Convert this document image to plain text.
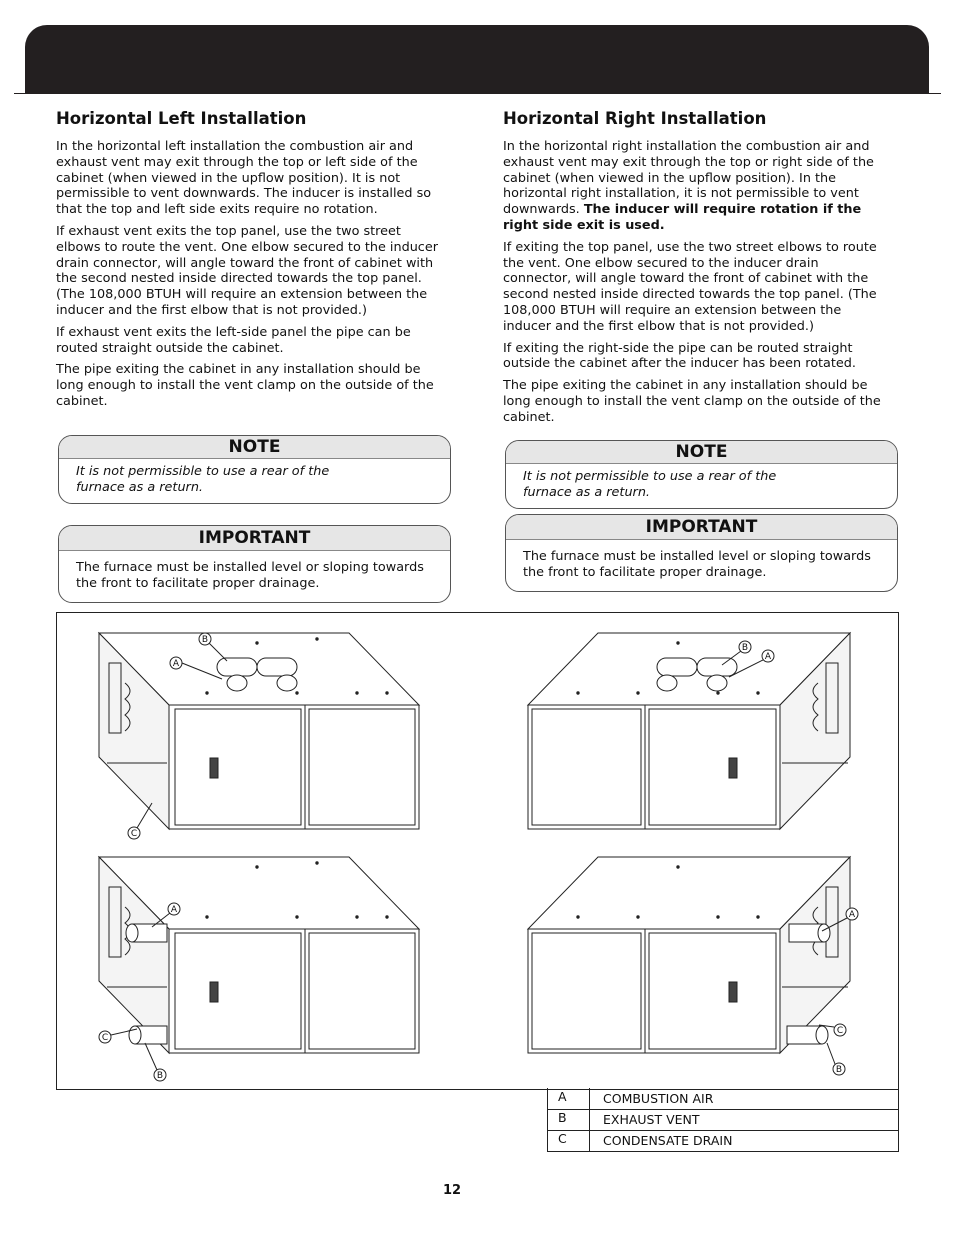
Horizontal Left Installation

In the horizontal left installation the combustion air and exhaust vent may exit through the top or left side of the cabinet (when viewed in the upflow position). It is not permissible to vent downwards. The inducer is installed so that the top and left side exits require no rotation.

If exhaust vent exits the top panel, use the two street elbows to route the vent. One elbow secured to the inducer drain connector, will angle toward the front of cabinet with the second nested inside directed towards the top panel. (The 108,000 BTUH will require an extension between the inducer and the first elbow that is not provided.)

If exhaust vent exits the left-side panel the pipe can be routed straight outside the cabinet.

The pipe exiting the cabinet in any installation should be long enough to install the vent clamp on the outside of the cabinet.

NOTE
It is not permissible to use a rear of the furnace as a return.
IMPORTANT
The furnace must be installed level or sloping towards the front to facilitate proper drainage.
Horizontal Right Installation

In the horizontal right installation the combustion air and exhaust vent may exit through the top or right side of the cabinet (when viewed in the upflow position). In the horizontal right installation, it is not permissible to vent downwards. The inducer will require rotation if the right side exit is used.

If exiting the top panel, use the two street elbows to route the vent. One elbow secured to the inducer drain connector, will angle toward the front of cabinet with the second nested inside directed towards the top panel. (The 108,000 BTUH will require an extension between the inducer and the first elbow that is not provided.)

If exiting the right-side the pipe can be routed straight outside the cabinet after the inducer has been rotated.

The pipe exiting the cabinet in any installation should be long enough to install the vent clamp on the outside of the cabinet.

NOTE
It is not permissible to use a rear of the furnace as a return.
IMPORTANT
The furnace must be installed level or sloping towards the front to facilitate proper drainage.
B
A
C
B
A
A
C
B
A
C
B
A	COMBUSTION AIR
B	EXHAUST VENT
C	CONDENSATE DRAIN
12
